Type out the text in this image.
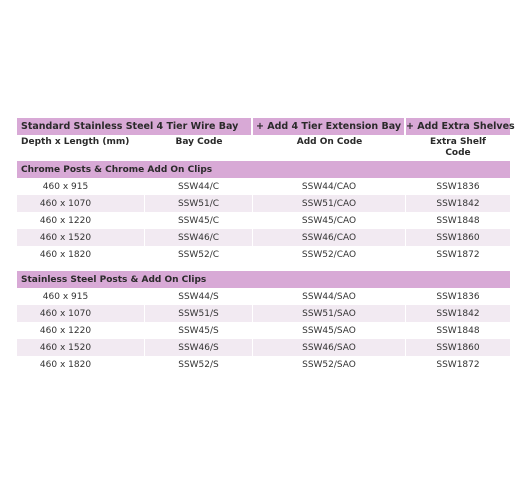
Standard Stainless Steel 4 Tier Wire Bay		+ Add 4 Tier Extension Bay	+ Add Extra Shelves
Depth x Length (mm)	Bay Code	Add On Code	Extra Shelf
Code
Chrome Posts & Chrome Add On Clips			
460 x 915	SSW44/C	SSW44/CAO	SSW1836
460 x 1070	SSW51/C	SSW51/CAO	SSW1842
460 x 1220	SSW45/C	SSW45/CAO	SSW1848
460 x 1520	SSW46/C	SSW46/CAO	SSW1860
460 x 1820	SSW52/C	SSW52/CAO	SSW1872

Stainless Steel Posts & Add On Clips			
460 x 915	SSW44/S	SSW44/SAO	SSW1836
460 x 1070	SSW51/S	SSW51/SAO	SSW1842
460 x 1220	SSW45/S	SSW45/SAO	SSW1848
460 x 1520	SSW46/S	SSW46/SAO	SSW1860
460 x 1820	SSW52/S	SSW52/SAO	SSW1872
